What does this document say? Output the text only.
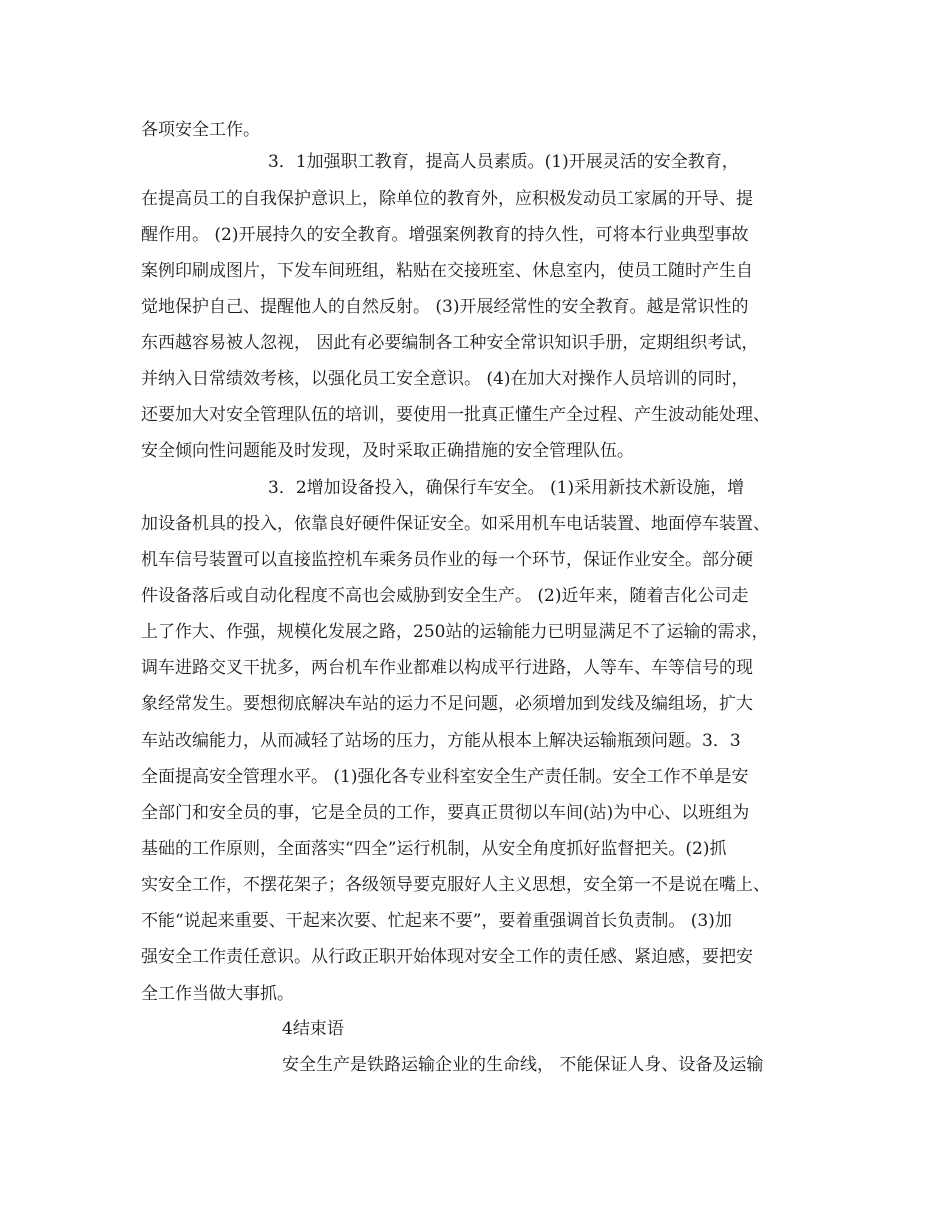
各项安全工作。
3．1加强职工教育，提高人员素质。(1)开展灵活的安全教育，
在提高员工的自我保护意识上，除单位的教育外，应积极发动员工家属的开导、提
醒作用。 (2)开展持久的安全教育。增强案例教育的持久性，可将本行业典型事故
案例印刷成图片，下发车间班组，粘贴在交接班室、休息室内，使员工随时产生自
觉地保护自己、提醒他人的自然反射。 (3)开展经常性的安全教育。越是常识性的
东西越容易被人忽视， 因此有必要编制各工种安全常识知识手册，定期组织考试，
并纳入日常绩效考核，以强化员工安全意识。 (4)在加大对操作人员培训的同时，
还要加大对安全管理队伍的培训，要使用一批真正懂生产全过程、产生波动能处理、
安全倾向性问题能及时发现，及时采取正确措施的安全管理队伍。
3．2增加设备投入，确保行车安全。 (1)采用新技术新设施，增
加设备机具的投入，依靠良好硬件保证安全。如采用机车电话装置、地面停车装置、
机车信号装置可以直接监控机车乘务员作业的每一个环节，保证作业安全。部分硬
件设备落后或自动化程度不高也会威胁到安全生产。 (2)近年来，随着吉化公司走
上了作大、作强，规模化发展之路，250站的运输能力已明显满足不了运输的需求，
调车进路交叉干扰多，两台机车作业都难以构成平行进路，人等车、车等信号的现
象经常发生。要想彻底解决车站的运力不足问题，必须增加到发线及编组场，扩大
车站改编能力，从而减轻了站场的压力，方能从根本上解决运输瓶颈问题。3．3
全面提高安全管理水平。 (1)强化各专业科室安全生产责任制。安全工作不单是安
全部门和安全员的事，它是全员的工作，要真正贯彻以车间(站)为中心、以班组为
基础的工作原则，全面落实“四全”运行机制，从安全角度抓好监督把关。(2)抓
实安全工作，不摆花架子；各级领导要克服好人主义思想，安全第一不是说在嘴上、
不能“说起来重要、干起来次要、忙起来不要”，要着重强调首长负责制。 (3)加
强安全工作责任意识。从行政正职开始体现对安全工作的责任感、紧迫感，要把安
全工作当做大事抓。
4结束语
安全生产是铁路运输企业的生命线， 不能保证人身、设备及运输
